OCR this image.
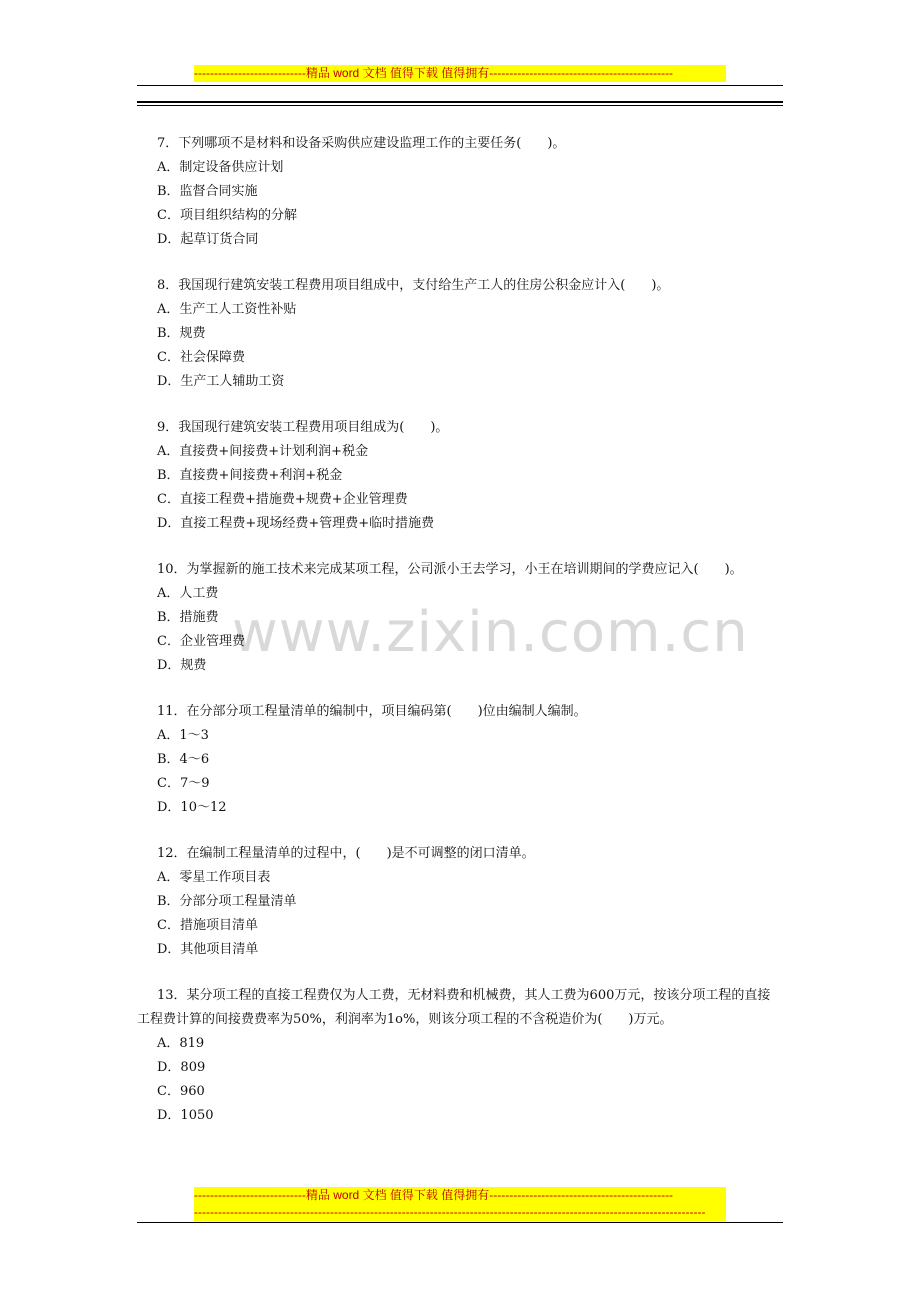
----------------------------精品 word 文档 值得下载 值得拥有----------------------------------------------
www.zixin.com.cn
7．下列哪项不是材料和设备采购供应建设监理工作的主要任务(　　)。
A．制定设备供应计划
B．监督合同实施
C．项目组织结构的分解
D．起草订货合同
8．我国现行建筑安装工程费用项目组成中，支付给生产工人的住房公积金应计入(　　)。
A．生产工人工资性补贴
B．规费
C．社会保障费
D．生产工人辅助工资
9．我国现行建筑安装工程费用项目组成为(　　)。
A．直接费+间接费+计划利润+税金
B．直接费+间接费+利润+税金
C．直接工程费+措施费+规费+企业管理费
D．直接工程费+现场经费+管理费+临时措施费
10．为掌握新的施工技术来完成某项工程，公司派小王去学习，小王在培训期间的学费应记入(　　)。
A．人工费
B．措施费
C．企业管理费
D．规费
11．在分部分项工程量清单的编制中，项目编码第(　　)位由编制人编制。
A．1～3
B．4～6
C．7～9
D．10～12
12．在编制工程量清单的过程中，(　　)是不可调整的闭口清单。
A．零星工作项目表
B．分部分项工程量清单
C．措施项目清单
D．其他项目清单
13．某分项工程的直接工程费仅为人工费，无材料费和机械费，其人工费为600万元，按该分项工程的直接工程费计算的间接费费率为50%，利润率为1o%，则该分项工程的不含税造价为(　　)万元。
A．819
D．809
C．960
D．1050
----------------------------精品 word 文档 值得下载 值得拥有----------------------------------------------
--------------------------------------------------------------------------------------------------------------------------------
